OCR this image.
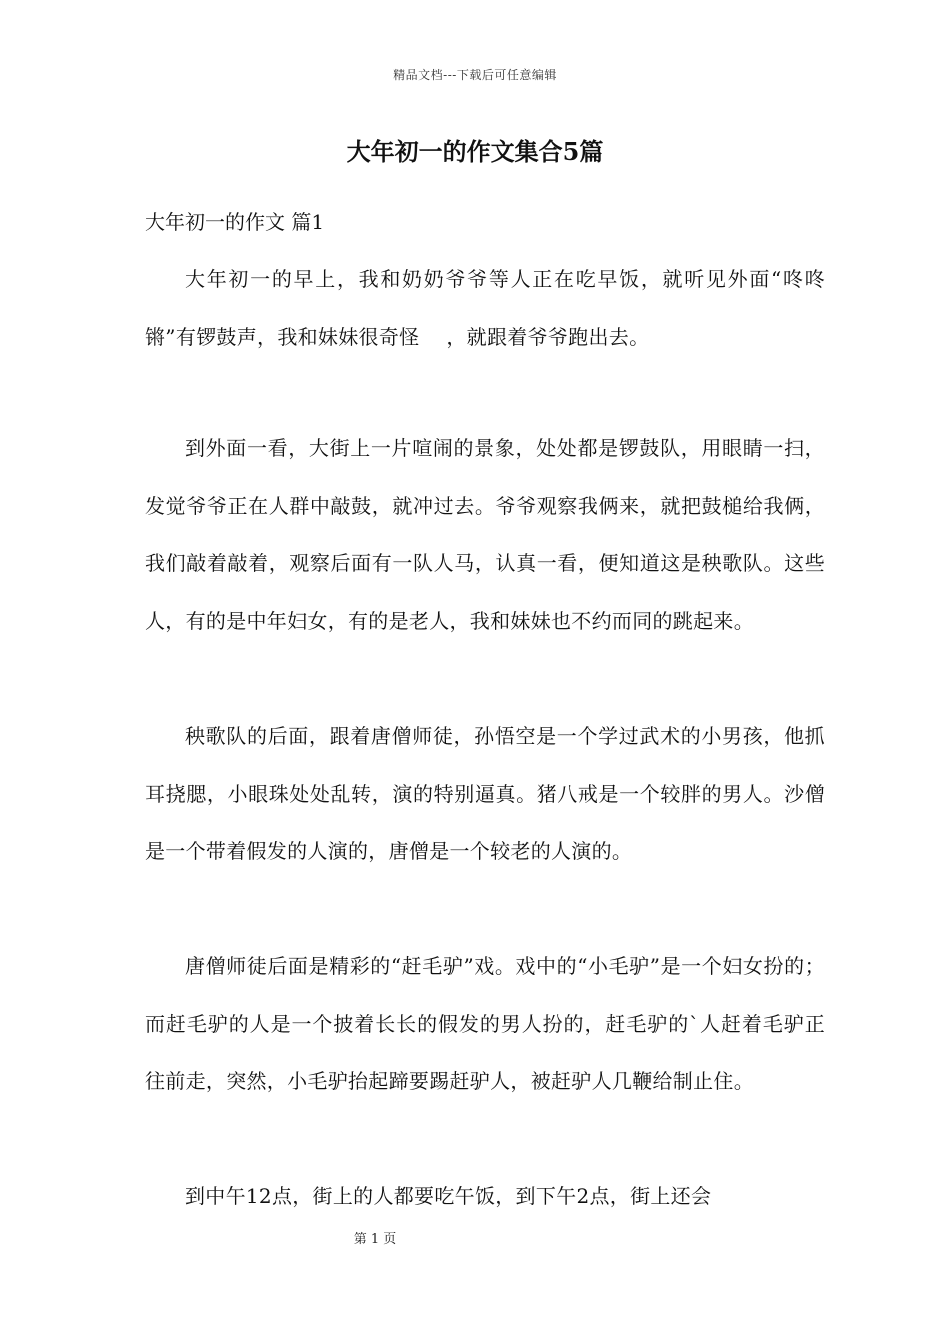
精品文档---下载后可任意编辑
大年初一的作文集合5篇
大年初一的作文 篇1

大年初一的早上，我和奶奶爷爷等人正在吃早饭，就听见外面“咚咚锵”有锣鼓声，我和妹妹很奇怪　 ，就跟着爷爷跑出去。

到外面一看，大街上一片喧闹的景象，处处都是锣鼓队，用眼睛一扫，发觉爷爷正在人群中敲鼓，就冲过去。爷爷观察我俩来，就把鼓槌给我俩，我们敲着敲着，观察后面有一队人马，认真一看，便知道这是秧歌队。这些人，有的是中年妇女，有的是老人，我和妹妹也不约而同的跳起来。

秧歌队的后面，跟着唐僧师徒，孙悟空是一个学过武术的小男孩，他抓耳挠腮，小眼珠处处乱转，演的特别逼真。猪八戒是一个较胖的男人。沙僧是一个带着假发的人演的，唐僧是一个较老的人演的。

唐僧师徒后面是精彩的“赶毛驴”戏。戏中的“小毛驴”是一个妇女扮的；而赶毛驴的人是一个披着长长的假发的男人扮的，赶毛驴的`人赶着毛驴正往前走，突然，小毛驴抬起蹄要踢赶驴人，被赶驴人几鞭给制止住。

到中午12点，街上的人都要吃午饭，到下午2点，街上还会

第 1 页
